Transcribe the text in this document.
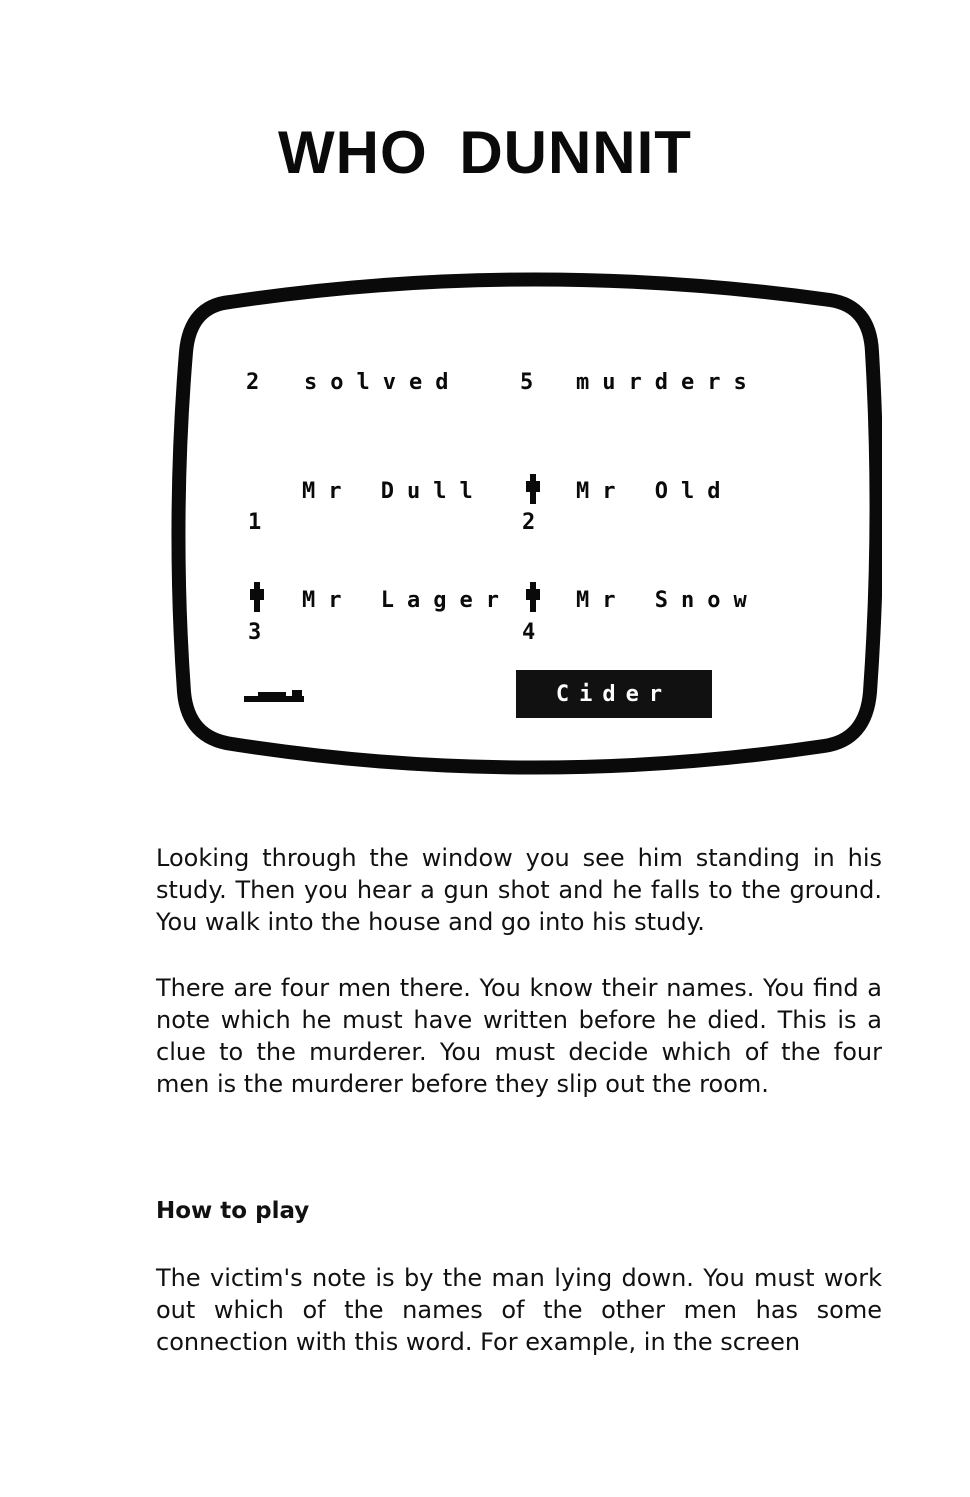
WHO DUNNIT
2 solved	5 murders
Mr Dull
1
Mr Old
2
Mr Lager
3
Mr Snow
4
Cider

Looking through the window you see him standing in his study. Then you hear a gun shot and he falls to the ground. You walk into the house and go into his study.

There are four men there. You know their names. You find a note which he must have written before he died. This is a clue to the murderer. You must decide which of the four men is the murderer before they slip out the room.

How to play

The victim's note is by the man lying down. You must work out which of the names of the other men has some connection with this word. For example, in the screen
